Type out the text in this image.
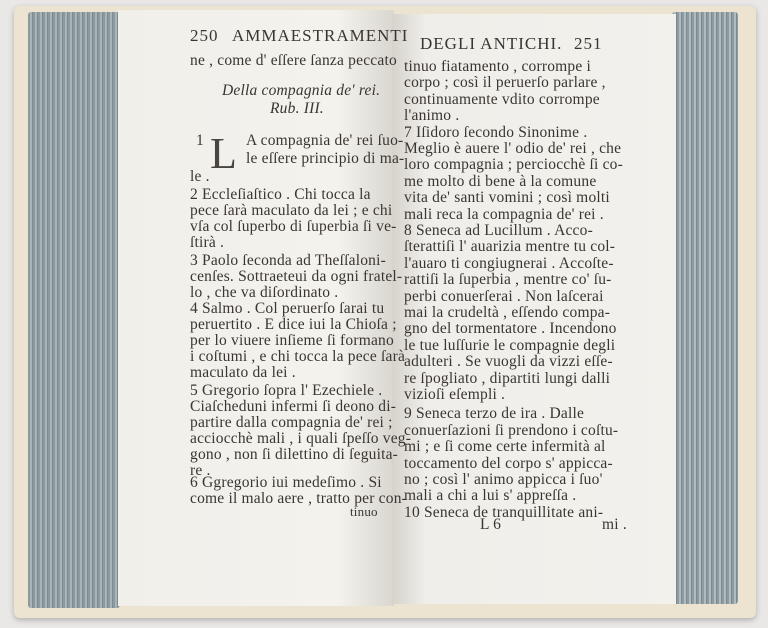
250 AMMAESTRAMENTI
L
ne , come d' eſſere ſanza peccato
Della compagnia de' rei.
Rub. III.
1	A compagnia de' rei ſuo-
le eſſere principio di ma-
le .
2 Eccleſiaſtico . Chi tocca la
pece ſarà maculato da lei ; e chi
vſa col ſuperbo di ſuperbia ſi ve-
ſtirà .
3 Paolo ſeconda ad Theſſaloni-
cenſes. Sottraeteui da ogni fratel-
lo , che va diſordinato .
4 Salmo . Col peruerſo ſarai tu
peruertito . E dice iui la Chioſa ;
per lo viuere inſieme ſi formano
i coſtumi , e chi tocca la pece ſarà
maculato da lei .
5 Gregorio ſopra l' Ezechiele .
Ciaſcheduni infermi ſi deono di-
partire dalla compagnia de' rei ;
acciocchè mali , i quali ſpeſſo veg-
gono , non ſi dilettino di ſeguita-
re .
6 Ggregorio iui medeſimo . Si
come il malo aere , tratto per con-
tinuo
DEGLI ANTICHI. 251
tinuo fiatamento , corrompe i
corpo ; così il peruerſo parlare ,
continuamente vdito corrompe
l'animo .
7 Iſidoro ſecondo Sinonime .
Meglio è auere l' odio de' rei , che
loro compagnia ; perciocchè ſi co-
me molto di bene à la comune
vita de' santi vomini ; così molti
mali reca la compagnia de' rei .
8 Seneca ad Lucillum . Acco-
ſterattiſi l' auarizia mentre tu col-
l'auaro ti congiugnerai . Accoſte-
rattiſi la ſuperbia , mentre co' ſu-
perbi conuerſerai . Non laſcerai
mai la crudeltà , eſſendo compa-
gno del tormentatore . Incendono
le tue luſſurie le compagnie degli
adulteri . Se vuogli da vizzi eſſe-
re ſpogliato , dipartiti lungi dalli
vizioſi eſempli .
9 Seneca terzo de ira . Dalle
conuerſazioni ſi prendono i coſtu-
mi ; e ſi come certe infermità al
toccamento del corpo s' appicca-
no ; così l' animo appicca i ſuo'
mali a chi a lui s' appreſſa .
10 Seneca de tranquillitate ani-
L 6	mi .
